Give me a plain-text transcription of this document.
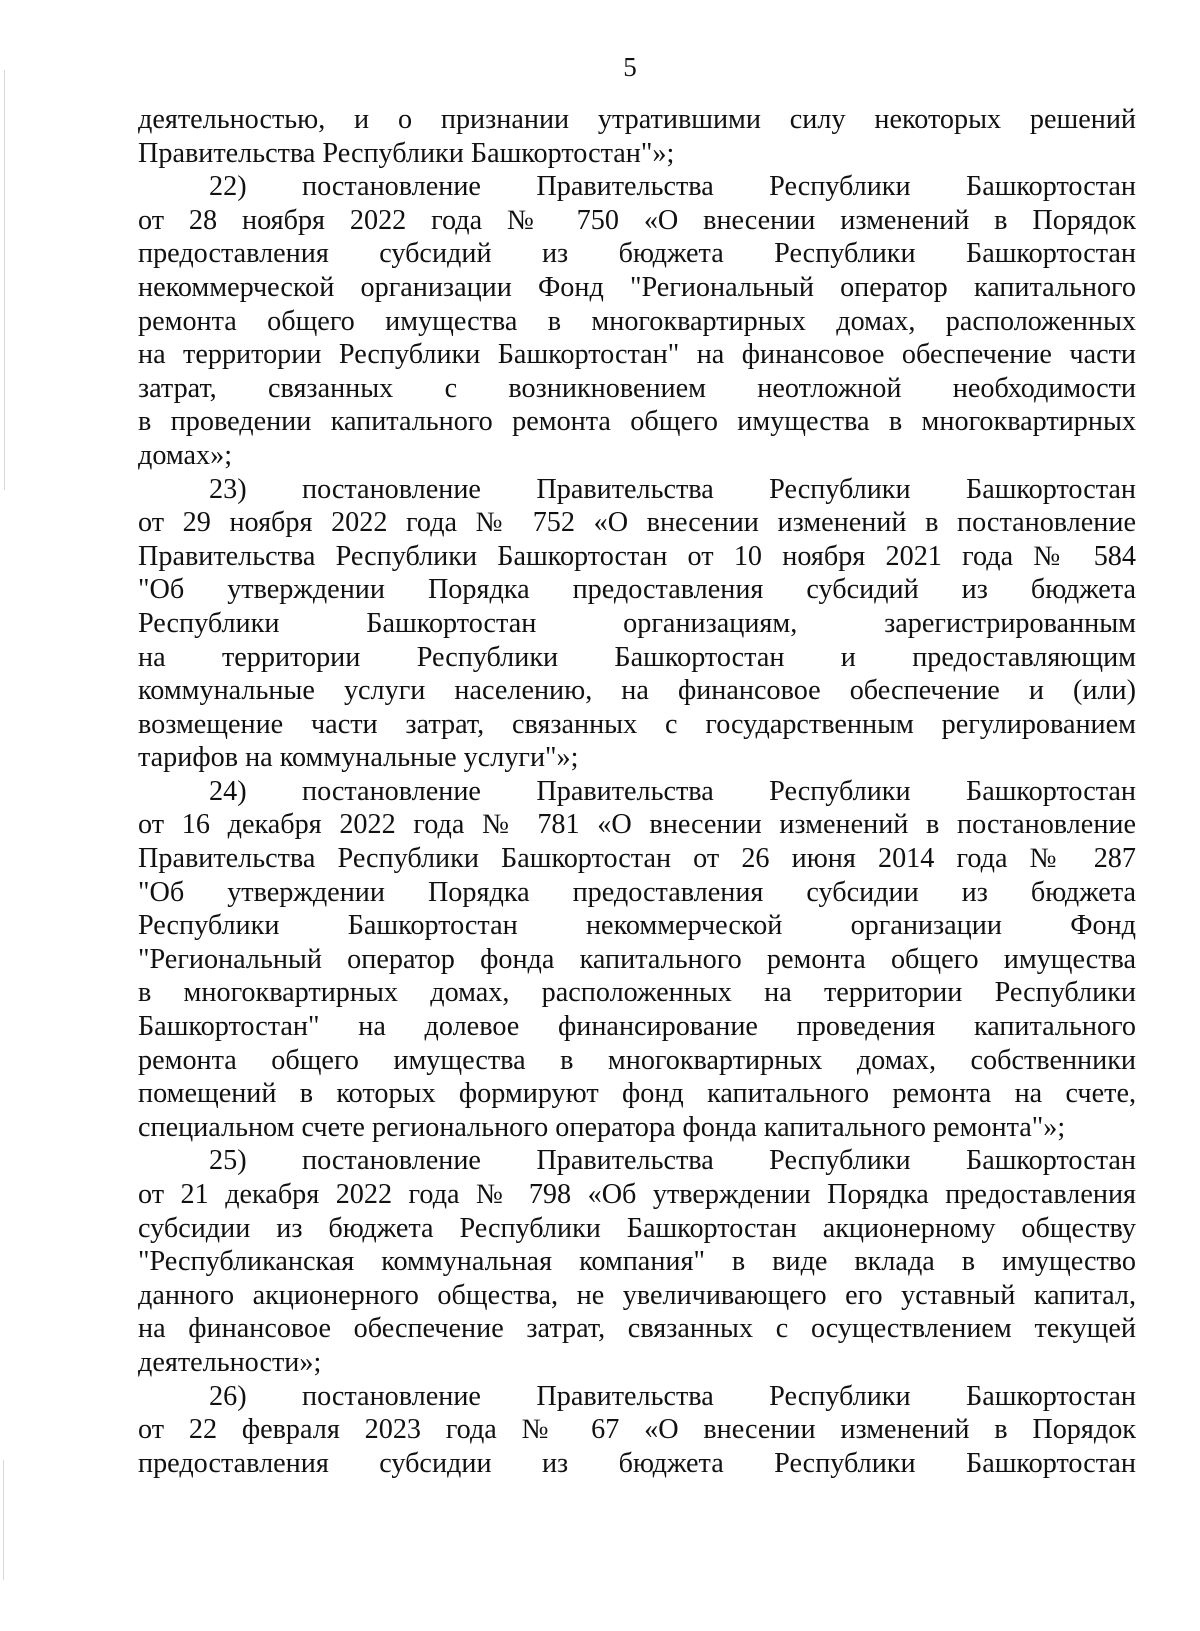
5
деятельностью, и о признании утратившими силу некоторых решений
Правительства Республики Башкортостан"»;
22) постановление Правительства Республики Башкортостан
от 28 ноября 2022 года № 750 «О внесении изменений в Порядок
предоставления субсидий из бюджета Республики Башкортостан
некоммерческой организации Фонд "Региональный оператор капитального
ремонта общего имущества в многоквартирных домах, расположенных
на территории Республики Башкортостан" на финансовое обеспечение части
затрат, связанных с возникновением неотложной необходимости
в проведении капитального ремонта общего имущества в многоквартирных
домах»;
23) постановление Правительства Республики Башкортостан
от 29 ноября 2022 года № 752 «О внесении изменений в постановление
Правительства Республики Башкортостан от 10 ноября 2021 года № 584
"Об утверждении Порядка предоставления субсидий из бюджета
Республики Башкортостан организациям, зарегистрированным
на территории Республики Башкортостан и предоставляющим
коммунальные услуги населению, на финансовое обеспечение и (или)
возмещение части затрат, связанных с государственным регулированием
тарифов на коммунальные услуги"»;
24) постановление Правительства Республики Башкортостан
от 16 декабря 2022 года № 781 «О внесении изменений в постановление
Правительства Республики Башкортостан от 26 июня 2014 года № 287
"Об утверждении Порядка предоставления субсидии из бюджета
Республики Башкортостан некоммерческой организации Фонд
"Региональный оператор фонда капитального ремонта общего имущества
в многоквартирных домах, расположенных на территории Республики
Башкортостан" на долевое финансирование проведения капитального
ремонта общего имущества в многоквартирных домах, собственники
помещений в которых формируют фонд капитального ремонта на счете,
специальном счете регионального оператора фонда капитального ремонта"»;
25) постановление Правительства Республики Башкортостан
от 21 декабря 2022 года № 798 «Об утверждении Порядка предоставления
субсидии из бюджета Республики Башкортостан акционерному обществу
"Республиканская коммунальная компания" в виде вклада в имущество
данного акционерного общества, не увеличивающего его уставный капитал,
на финансовое обеспечение затрат, связанных с осуществлением текущей
деятельности»;
26) постановление Правительства Республики Башкортостан
от 22 февраля 2023 года № 67 «О внесении изменений в Порядок
предоставления субсидии из бюджета Республики Башкортостан
